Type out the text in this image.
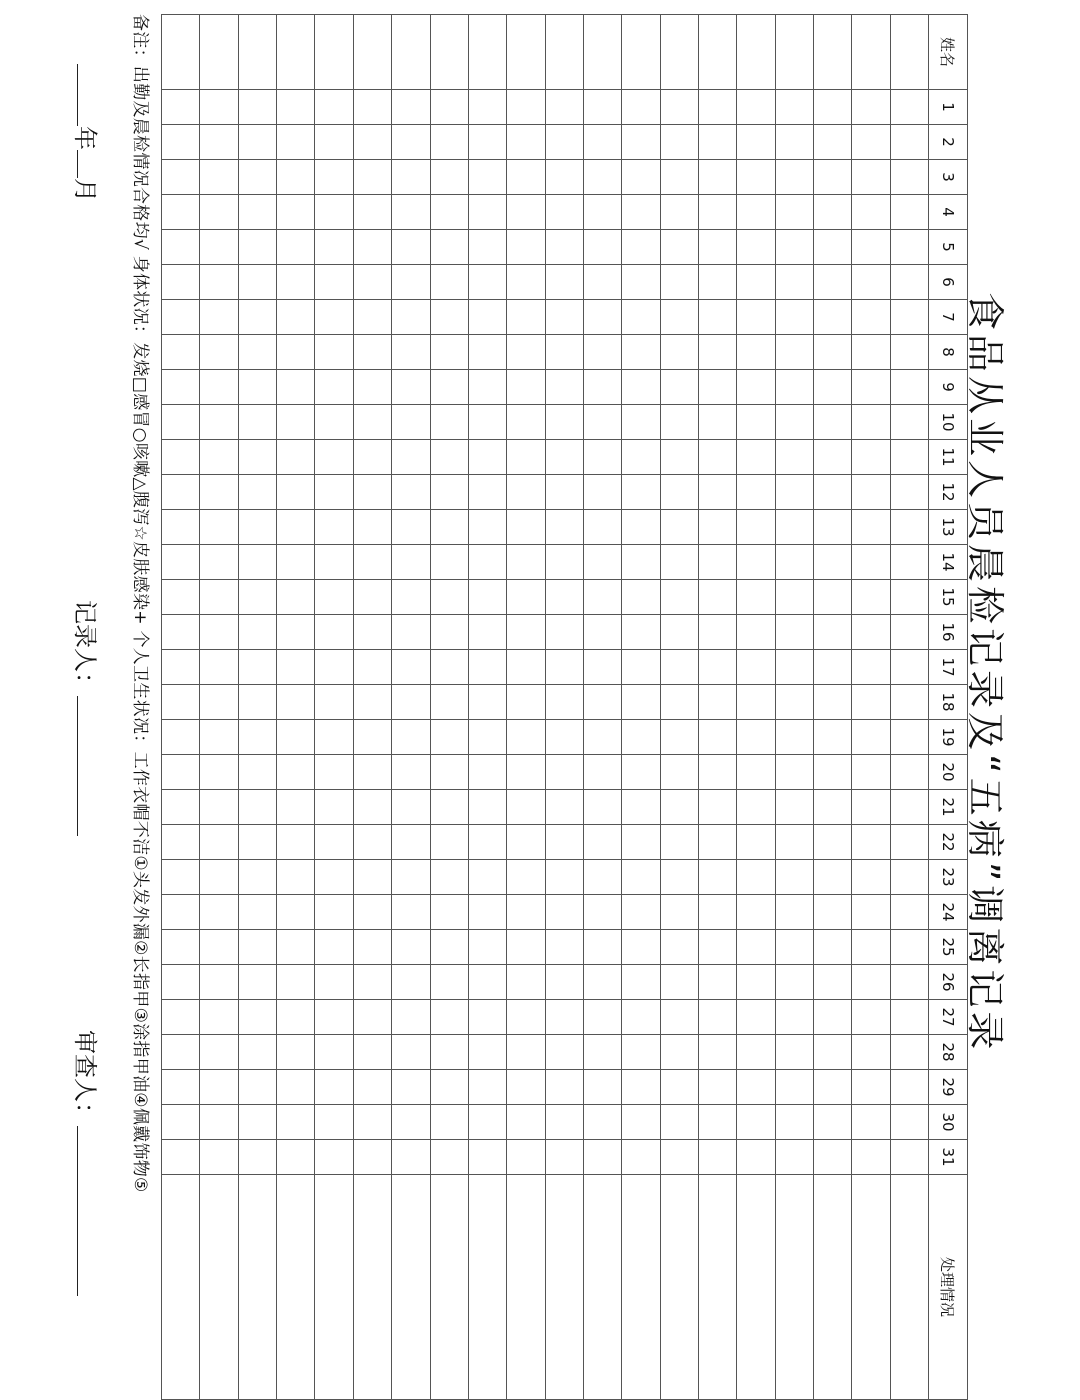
食品从业人员晨检记录及“五病”调离记录
姓名	1	2	3	4	5	6	7	8	9	10	11	12	13	14	15	16	17	18	19	20	21	22	23	24	25	26	27	28	29	30	31	处理情况

备注：出勤及晨检情况合格均√ 身体状况：发烧□感冒○咳嗽△腹泻☆皮肤感染+ 个人卫生状况：工作衣帽不洁①头发外漏②长指甲③涂指甲油④佩戴饰物⑤
年月
记录人：
审查人：
